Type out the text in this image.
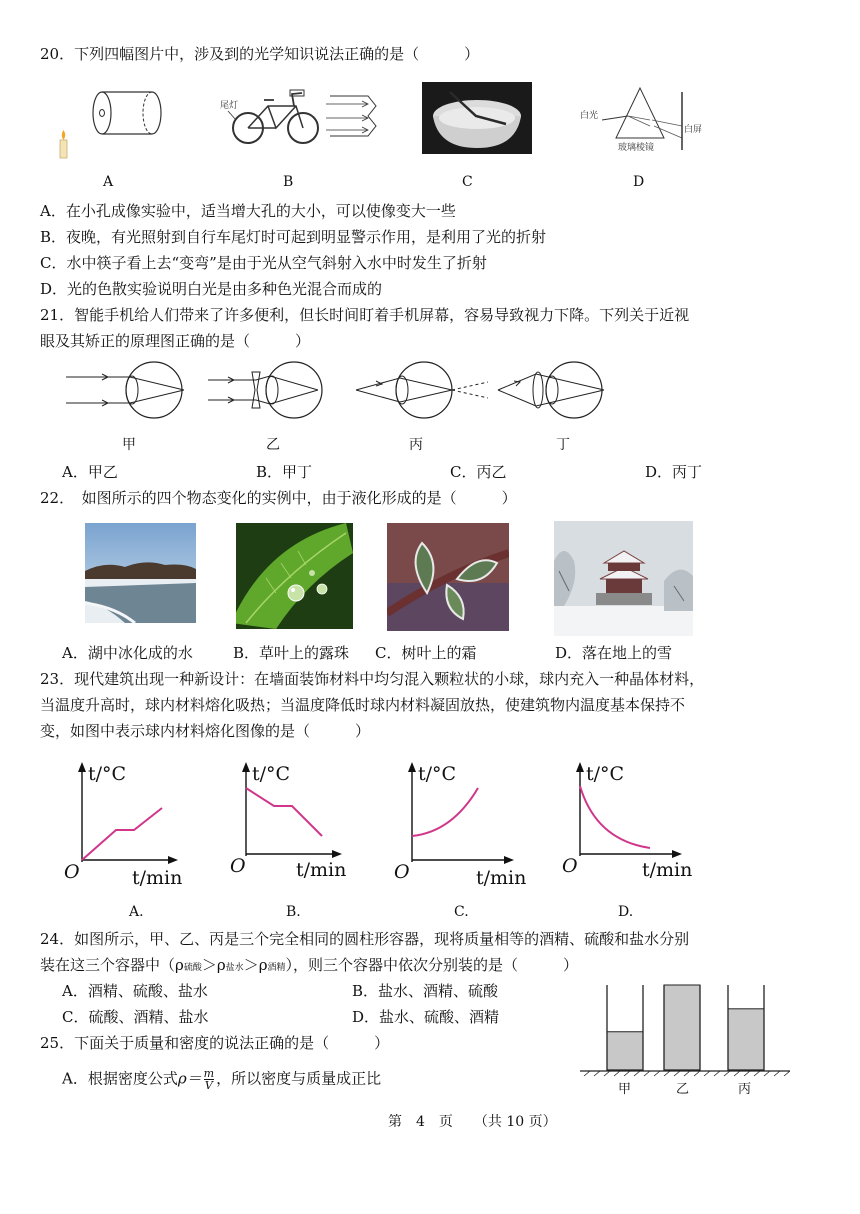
20．下列四幅图片中，涉及到的光学知识说法正确的是（　　　）
尾灯
白光
白屏
玻璃棱镜
A	B	C	D
A．在小孔成像实验中，适当增大孔的大小，可以使像变大一些
B．夜晚，有光照射到自行车尾灯时可起到明显警示作用，是利用了光的折射
C．水中筷子看上去“变弯”是由于光从空气斜射入水中时发生了折射
D．光的色散实验说明白光是由多种色光混合而成的
21．智能手机给人们带来了许多便利，但长时间盯着手机屏幕，容易导致视力下降。下列关于近视
眼及其矫正的原理图正确的是（　　　）
甲	乙	丙	丁
A．甲乙	B．甲丁	C．丙乙	D．丙丁
22．　如图所示的四个物态变化的实例中，由于液化形成的是（　　　）
A．湖中冰化成的水	B．草叶上的露珠 C．树叶上的霜	D．落在地上的雪
23．现代建筑出现一种新设计：在墙面装饰材料中均匀混入颗粒状的小球，球内充入一种晶体材料，
当温度升高时，球内材料熔化吸热；当温度降低时球内材料凝固放热，使建筑物内温度基本保持不
变，如图中表示球内材料熔化图像的是（　　　）
t/°C
O	t/min
t/°C
O	t/min
t/°C
O	t/min
t/°C
O	t/min
A.	B.	C.	D.
24．如图所示，甲、乙、丙是三个完全相同的圆柱形容器，现将质量相等的酒精、硫酸和盐水分别
装在这三个容器中（ρ硫酸＞ρ盐水＞ρ酒精），则三个容器中依次分别装的是（　　　）
A．酒精、硫酸、盐水	B．盐水、酒精、硫酸
C．硫酸、酒精、盐水	D．盐水、硫酸、酒精
甲	乙	丙
25．下面关于质量和密度的说法正确的是（　　　）
A．根据密度公式$\rho= \frac{m}{V}$ ，所以密度与质量成正比
第　4　页　　（共 10 页）
